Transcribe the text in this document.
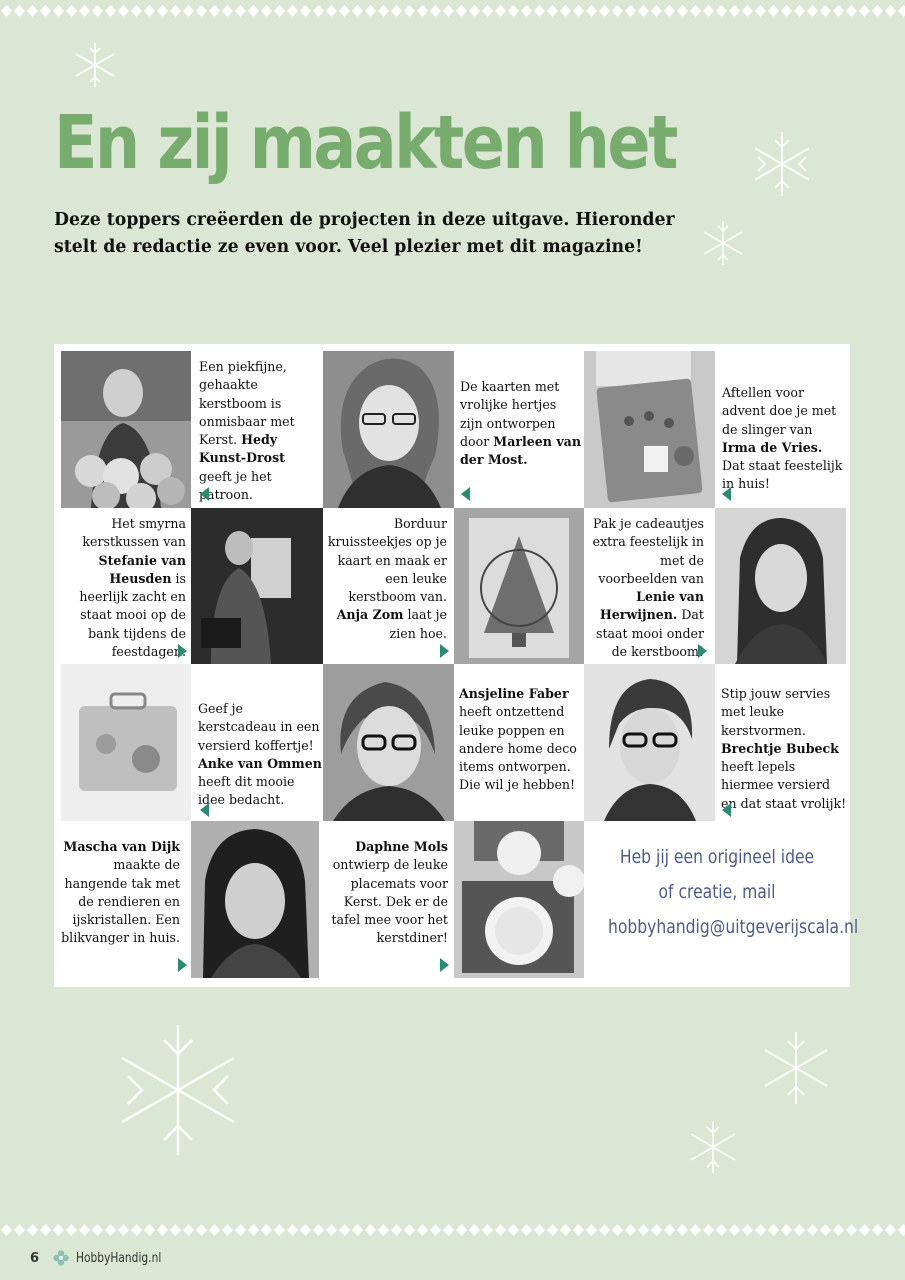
En zij maakten het

Deze toppers creëerden de projecten in deze uitgave. Hieronder stelt de redactie ze even voor. Veel plezier met dit magazine!

Een piekfijne, gehaakte kerstboom is onmisbaar met Kerst. Hedy Kunst-Drost geeft je het patroon.
De kaarten met vrolijke hertjes zijn ontworpen door Marleen van der Most.
Aftellen voor advent doe je met de slinger van Irma de Vries. Dat staat feestelijk in huis!
Het smyrna kerstkussen van Stefanie van Heusden is heerlijk zacht en staat mooi op de bank tijdens de feestdagen.
Borduur kruissteekjes op je kaart en maak er een leuke kerstboom van. Anja Zom laat je zien hoe.
Pak je cadeautjes extra feestelijk in met de voorbeelden van Lenie van Herwijnen. Dat staat mooi onder de kerstboom!
Geef je kerstcadeau in een versierd koffertje! Anke van Ommen heeft dit mooie idee bedacht.
Ansjeline Faber heeft ontzettend leuke poppen en andere home deco items ontworpen. Die wil je hebben!
Stip jouw servies met leuke kerstvormen. Brechtje Bubeck heeft lepels hiermee versierd en dat staat vrolijk!
Mascha van Dijk maakte de hangende tak met de rendieren en ijskristallen. Een blikvanger in huis.
Daphne Mols ontwierp de leuke placemats voor Kerst. Dek er de tafel mee voor het kerstdiner!
Heb jij een origineel idee
of creatie, mail
hobbyhandig@uitgeverijscala.nl
6	HobbyHandig.nl
